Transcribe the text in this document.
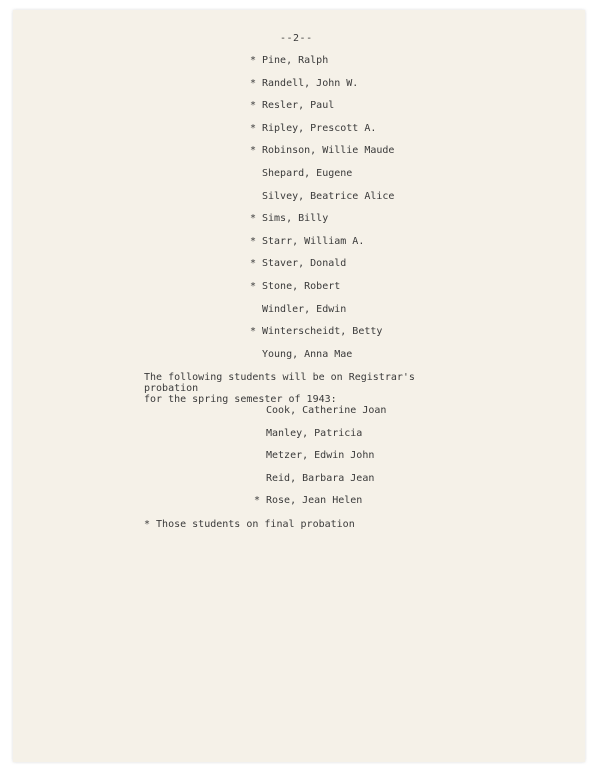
--2--
* Pine, Ralph
* Randell, John W.
* Resler, Paul
* Ripley, Prescott A.
* Robinson, Willie Maude
Shepard, Eugene
Silvey, Beatrice Alice
* Sims, Billy
* Starr, William A.
* Staver, Donald
* Stone, Robert
Windler, Edwin
* Winterscheidt, Betty
Young, Anna Mae
The following students will be on Registrar's probation
for the spring semester of 1943:
Cook, Catherine Joan
Manley, Patricia
Metzer, Edwin John
Reid, Barbara Jean
* Rose, Jean Helen
* Those students on final probation
